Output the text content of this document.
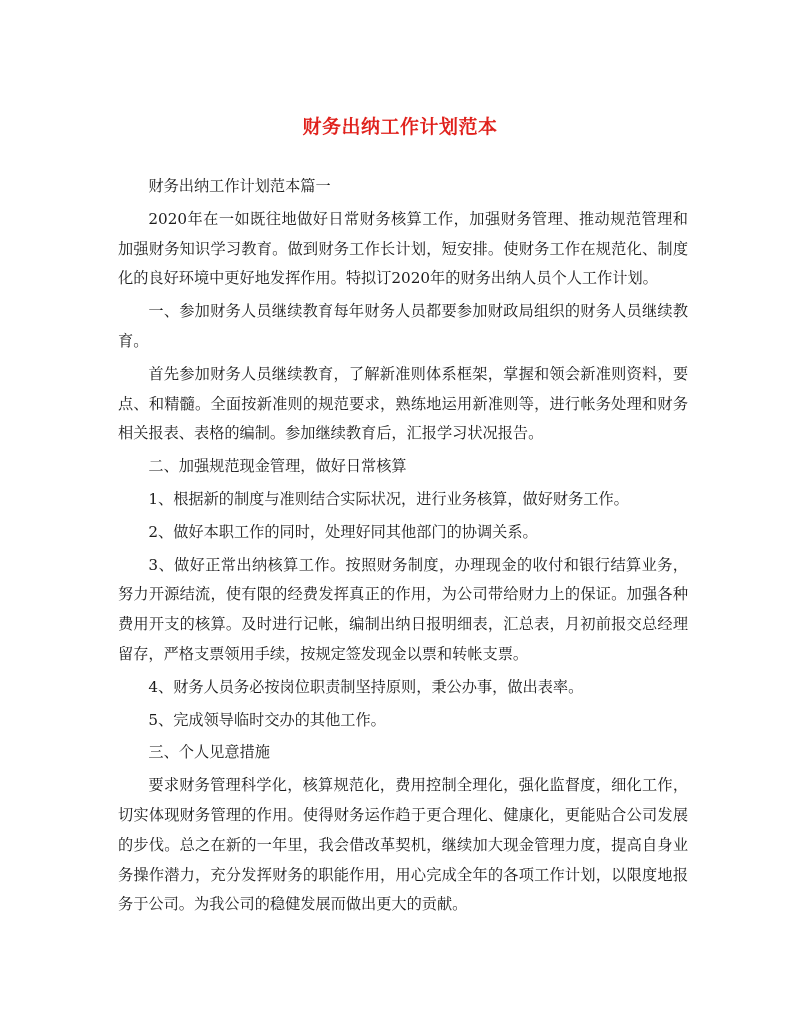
财务出纳工作计划范本

财务出纳工作计划范本篇一

2020年在一如既往地做好日常财务核算工作，加强财务管理、推动规范管理和加强财务知识学习教育。做到财务工作长计划，短安排。使财务工作在规范化、制度化的良好环境中更好地发挥作用。特拟订2020年的财务出纳人员个人工作计划。

一、参加财务人员继续教育每年财务人员都要参加财政局组织的财务人员继续教育。

首先参加财务人员继续教育，了解新准则体系框架，掌握和领会新准则资料，要点、和精髓。全面按新准则的规范要求，熟练地运用新准则等，进行帐务处理和财务相关报表、表格的编制。参加继续教育后，汇报学习状况报告。

二、加强规范现金管理，做好日常核算

1、根据新的制度与准则结合实际状况，进行业务核算，做好财务工作。

2、做好本职工作的同时，处理好同其他部门的协调关系。

3、做好正常出纳核算工作。按照财务制度，办理现金的收付和银行结算业务，努力开源结流，使有限的经费发挥真正的作用，为公司带给财力上的保证。加强各种费用开支的核算。及时进行记帐，编制出纳日报明细表，汇总表，月初前报交总经理留存，严格支票领用手续，按规定签发现金以票和转帐支票。

4、财务人员务必按岗位职责制坚持原则，秉公办事，做出表率。

5、完成领导临时交办的其他工作。

三、个人见意措施

要求财务管理科学化，核算规范化，费用控制全理化，强化监督度，细化工作，切实体现财务管理的作用。使得财务运作趋于更合理化、健康化，更能贴合公司发展的步伐。总之在新的一年里，我会借改革契机，继续加大现金管理力度，提高自身业务操作潜力，充分发挥财务的职能作用，用心完成全年的各项工作计划，以限度地报务于公司。为我公司的稳健发展而做出更大的贡献。
